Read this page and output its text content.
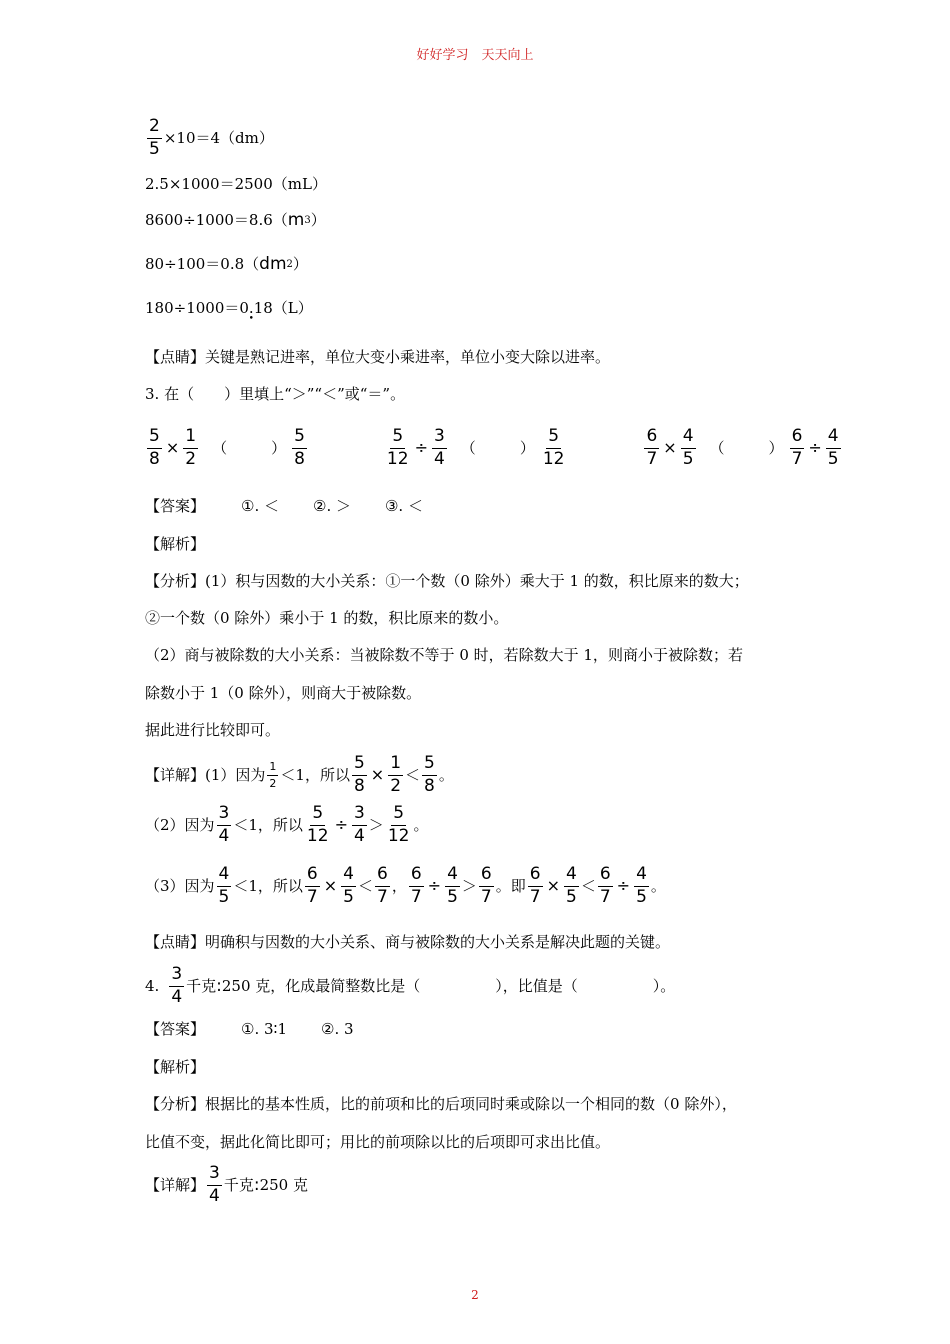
好好学习　天天向上
$\frac{2}{5} \times 10=4(dm)$
2.5×1000＝2500（mL）
8600÷1000＝8.6（ m 3 ）
80÷100＝0.8（ dm 2 ）
180÷1000＝0 . • 18（L）
【点睛】 关键是熟记进率，单位大变小乘进率，单位小变大除以进率。
3. 在（　　）里填上“＞”“＜”或“＝”。
$\frac{5}{8} \times \frac{1}{2}$ （	） $\frac{5}{8}$	$\frac{5}{12} \div \frac{3}{4}$ （	） $\frac{5}{12}$	$\frac{6}{7} \times \frac{4}{5}$ （	） $\frac{6}{7} \div \frac{4}{5}$
【答案】 ①. ＜ ②. ＞ ③. ＜
【解析】
【分析】 (1）积与因数的大小关系：①一个数（0 除外）乘大于 1 的数，积比原来的数大；
②一个数（0 除外）乘小于 1 的数，积比原来的数小。
（2）商与被除数的大小关系：当被除数不等于 0 时，若除数大于 1，则商小于被除数；若
除数小于 1（0 除外），则商大于被除数。
据此进行比较即可。
【详解】 (1）因为 $\frac{1}{2} <1$，所以 $\frac{5}{8} \times \frac{1}{2} < \frac{5}{8}$ 。
（2）因为 $\frac{3}{4} <1$，所以 $\frac{5}{12} \div \frac{3}{4} > \frac{5}{12}$ 。
（3）因为 $\frac{4}{5} <1$，所以 $\frac{6}{7} \times \frac{4}{5} < \frac{6}{7}$ ， $\frac{6}{7} \div \frac{4}{5} > \frac{6}{7}$ 。即 $\frac{6}{7} \times \frac{4}{5} < \frac{6}{7} \div \frac{4}{5}$ 。
【点睛】 明确积与因数的大小关系、商与被除数的大小关系是解决此题的关键。
4. $\frac{3}{4}$ 千克 : 250 克 ，化成最简整数比是（　　　　　），比值是（　　　　　）。
【答案】 ①. 3∶1 ②. 3
【解析】
【分析】 根据比的基本性质，比的前项和比的后项同时乘或除以一个相同的数（0 除外），
比值不变，据此化简比即可；用比的前项除以比的后项即可求出比值。
【详解】 $\frac{3}{4}$ 千克 : 250 克
2
